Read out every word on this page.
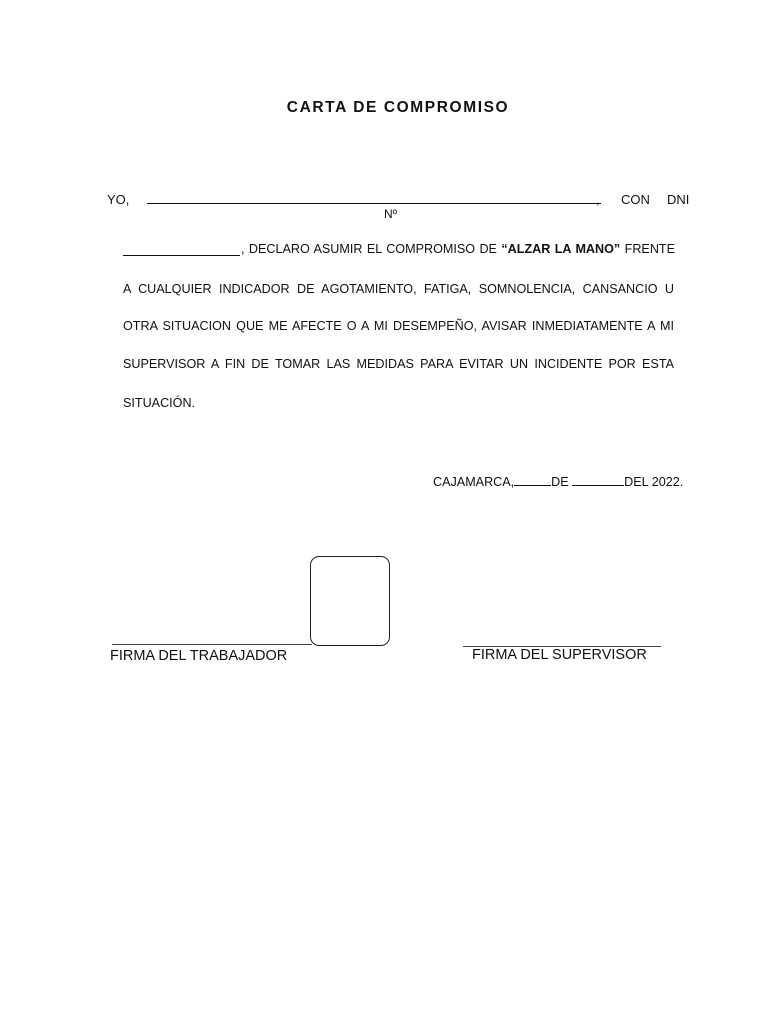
CARTA DE COMPROMISO
YO,	, CON DNI
Nº
, DECLARO ASUMIR EL COMPROMISO DE “ALZAR LA MANO” FRENTE
A CUALQUIER INDICADOR DE AGOTAMIENTO, FATIGA, SOMNOLENCIA, CANSANCIO U
OTRA SITUACION QUE ME AFECTE O A MI DESEMPEÑO, AVISAR INMEDIATAMENTE A MI
SUPERVISOR A FIN DE TOMAR LAS MEDIDAS PARA EVITAR UN INCIDENTE POR ESTA
SITUACIÓN.
CAJAMARCA,	DE	DEL 2022.
FIRMA DEL TRABAJADOR	FIRMA DEL SUPERVISOR
